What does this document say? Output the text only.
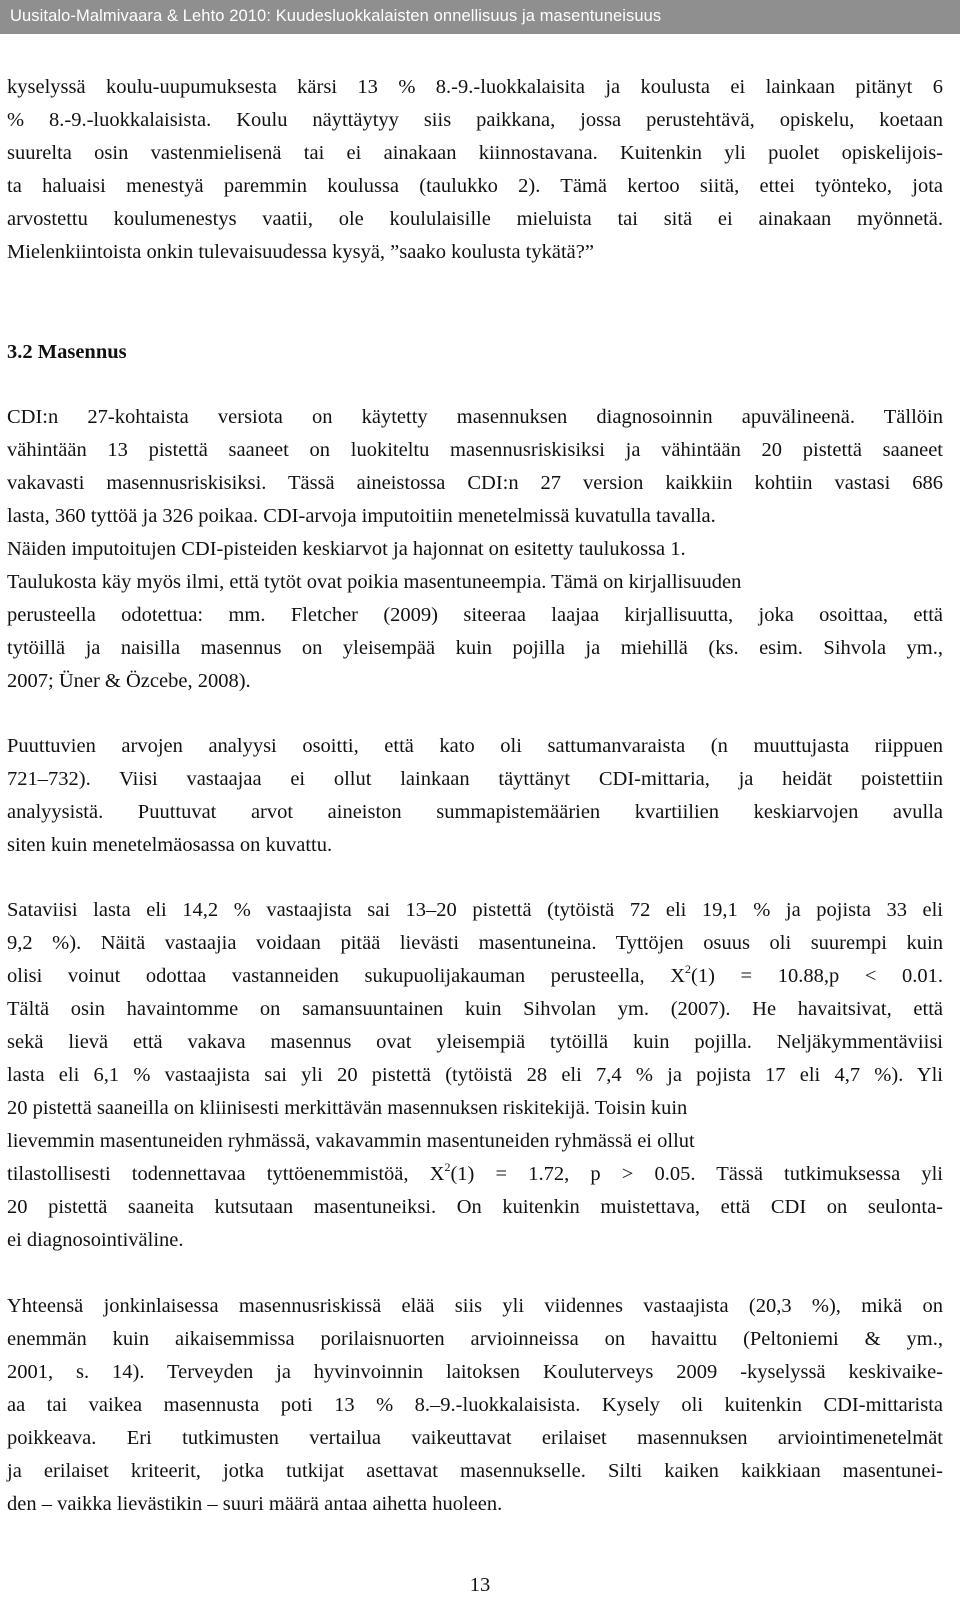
Uusitalo-Malmivaara & Lehto 2010: Kuudesluokkalaisten onnellisuus ja masentuneisuus
kyselyssä koulu-uupumuksesta kärsi 13 % 8.-9.-luokkalaisita ja koulusta ei lainkaan pitänyt 6
% 8.-9.-luokkalaisista. Koulu näyttäytyy siis paikkana, jossa perustehtävä, opiskelu, koetaan
suurelta osin vastenmielisenä tai ei ainakaan kiinnostavana. Kuitenkin yli puolet opiskelijois-
ta haluaisi menestyä paremmin koulussa (taulukko 2). Tämä kertoo siitä, ettei työnteko, jota
arvostettu koulumenestys vaatii, ole koululaisille mieluista tai sitä ei ainakaan myönnetä.
Mielenkiintoista onkin tulevaisuudessa kysyä, ”saako koulusta tykätä?”
3.2 Masennus
CDI:n 27-kohtaista versiota on käytetty masennuksen diagnosoinnin apuvälineenä. Tällöin
vähintään 13 pistettä saaneet on luokiteltu masennusriskisiksi ja vähintään 20 pistettä saaneet
vakavasti masennusriskisiksi. Tässä aineistossa CDI:n 27 version kaikkiin kohtiin vastasi 686
lasta, 360 tyttöä ja 326 poikaa. CDI-arvoja imputoitiin menetelmissä kuvatulla tavalla.
Näiden imputoitujen CDI-pisteiden keskiarvot ja hajonnat on esitetty taulukossa 1.
Taulukosta käy myös ilmi, että tytöt ovat poikia masentuneempia. Tämä on kirjallisuuden
perusteella odotettua: mm. Fletcher (2009) siteeraa laajaa kirjallisuutta, joka osoittaa, että
tytöillä ja naisilla masennus on yleisempää kuin pojilla ja miehillä (ks. esim. Sihvola ym.,
2007; Üner & Özcebe, 2008).
Puuttuvien arvojen analyysi osoitti, että kato oli sattumanvaraista (n muuttujasta riippuen
721–732). Viisi vastaajaa ei ollut lainkaan täyttänyt CDI-mittaria, ja heidät poistettiin
analyysistä. Puuttuvat arvot aineiston summapistemäärien kvartiilien keskiarvojen avulla
siten kuin menetelmäosassa on kuvattu.
Sataviisi lasta eli 14,2 % vastaajista sai 13–20 pistettä (tytöistä 72 eli 19,1 % ja pojista 33 eli
9,2 %). Näitä vastaajia voidaan pitää lievästi masentuneina. Tyttöjen osuus oli suurempi kuin
olisi voinut odottaa vastanneiden sukupuolijakauman perusteella, $X^2(1) = 10.88,p < 0.01$.
Tältä osin havaintomme on samansuuntainen kuin Sihvolan ym. (2007). He havaitsivat, että
sekä lievä että vakava masennus ovat yleisempiä tytöillä kuin pojilla. Neljäkymmentäviisi
lasta eli 6,1 % vastaajista sai yli 20 pistettä (tytöistä 28 eli 7,4 % ja pojista 17 eli 4,7 %). Yli
20 pistettä saaneilla on kliinisesti merkittävän masennuksen riskitekijä. Toisin kuin
lievemmin masentuneiden ryhmässä, vakavammin masentuneiden ryhmässä ei ollut
tilastollisesti todennettavaa tyttöenemmistöä, $X^2(1) = 1.72$, p > 0.05. Tässä tutkimuksessa yli
20 pistettä saaneita kutsutaan masentuneiksi. On kuitenkin muistettava, että CDI on seulonta-
ei diagnosointiväline.
Yhteensä jonkinlaisessa masennusriskissä elää siis yli viidennes vastaajista (20,3 %), mikä on
enemmän kuin aikaisemmissa porilaisnuorten arvioinneissa on havaittu (Peltoniemi & ym.,
2001, s. 14). Terveyden ja hyvinvoinnin laitoksen Kouluterveys 2009 -kyselyssä keskivaike-
aa tai vaikea masennusta poti 13 % 8.–9.-luokkalaisista. Kysely oli kuitenkin CDI-mittarista
poikkeava. Eri tutkimusten vertailua vaikeuttavat erilaiset masennuksen arviointimenetelmät
ja erilaiset kriteerit, jotka tutkijat asettavat masennukselle. Silti kaiken kaikkiaan masentunei-
den – vaikka lievästikin – suuri määrä antaa aihetta huoleen.
13
